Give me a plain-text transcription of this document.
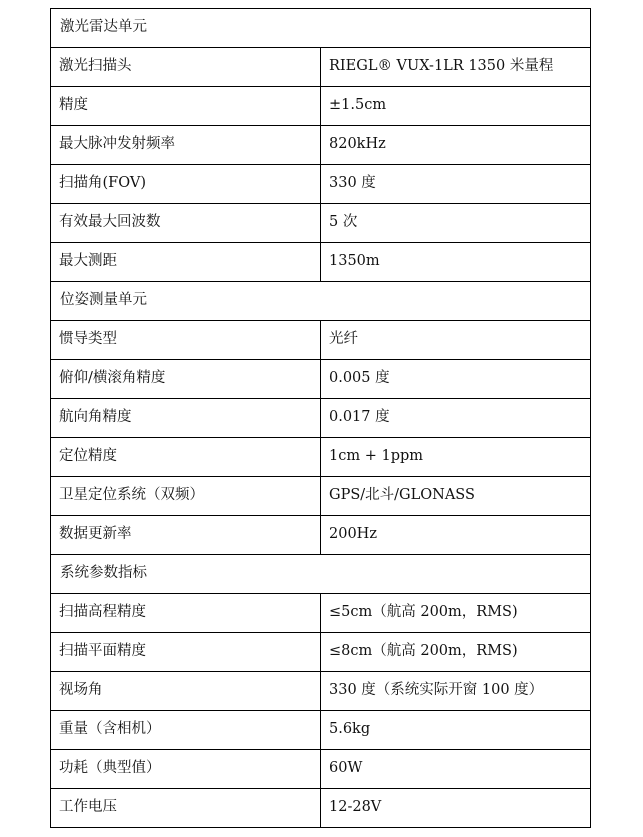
激光雷达单元	
激光扫描头	RIEGL® VUX-1LR 1350 米量程
精度	±1.5cm
最大脉冲发射频率	820kHz
扫描角(FOV)	330 度
有效最大回波数	5 次
最大测距	1350m
位姿测量单元	
惯导类型	光纤
俯仰/横滚角精度	0.005 度
航向角精度	0.017 度
定位精度	1cm + 1ppm
卫星定位系统（双频）	GPS/北斗/GLONASS
数据更新率	200Hz
系统参数指标	
扫描高程精度	≤5cm（航高 200m，RMS)
扫描平面精度	≤8cm（航高 200m，RMS)
视场角	330 度（系统实际开窗 100 度）
重量（含相机）	5.6kg
功耗（典型值）	60W
工作电压	12-28V
